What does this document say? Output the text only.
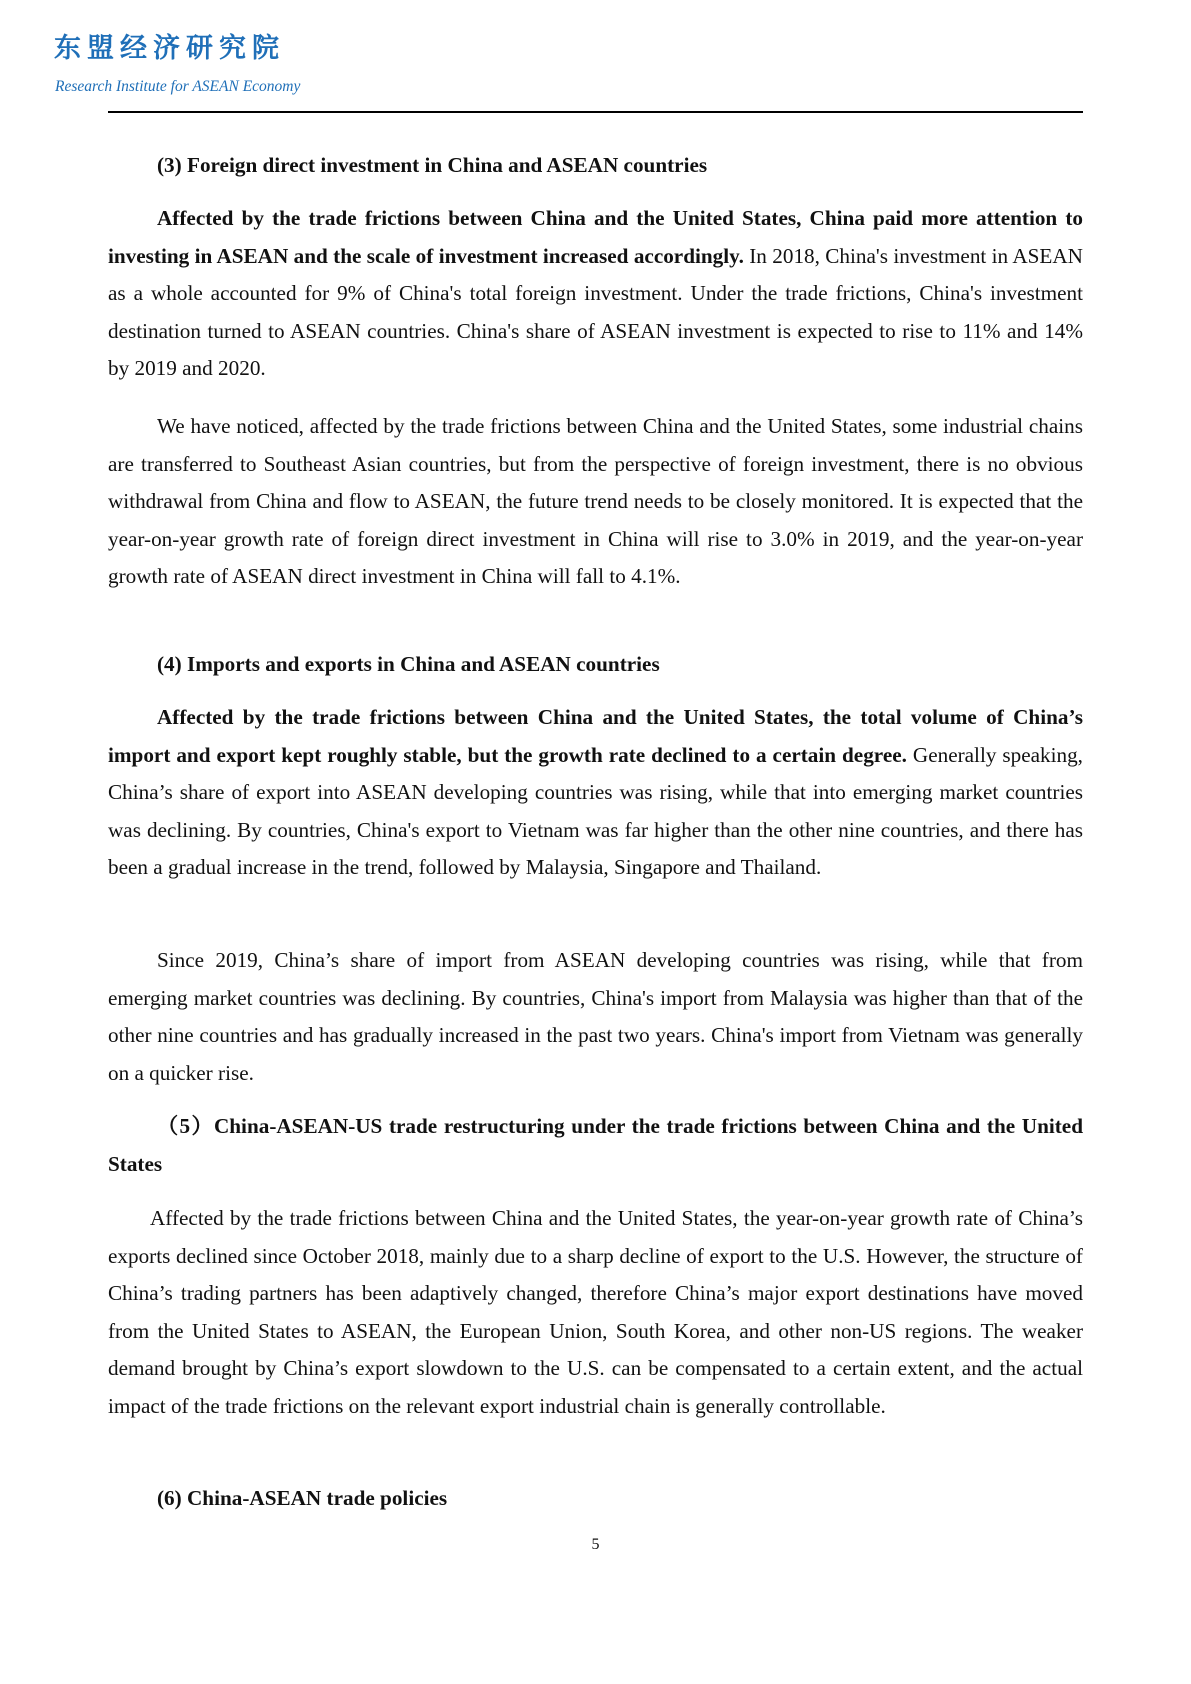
东盟经济研究院
Research Institute for ASEAN Economy
(3) Foreign direct investment in China and ASEAN countries
Affected by the trade frictions between China and the United States, China paid more attention to investing in ASEAN and the scale of investment increased accordingly. In 2018, China's investment in ASEAN as a whole accounted for 9% of China's total foreign investment. Under the trade frictions, China's investment destination turned to ASEAN countries. China's share of ASEAN investment is expected to rise to 11% and 14% by 2019 and 2020.
We have noticed, affected by the trade frictions between China and the United States, some industrial chains are transferred to Southeast Asian countries, but from the perspective of foreign investment, there is no obvious withdrawal from China and flow to ASEAN, the future trend needs to be closely monitored. It is expected that the year-on-year growth rate of foreign direct investment in China will rise to 3.0% in 2019, and the year-on-year growth rate of ASEAN direct investment in China will fall to 4.1%.
(4) Imports and exports in China and ASEAN countries
Affected by the trade frictions between China and the United States, the total volume of China’s import and export kept roughly stable, but the growth rate declined to a certain degree. Generally speaking, China’s share of export into ASEAN developing countries was rising, while that into emerging market countries was declining. By countries, China's export to Vietnam was far higher than the other nine countries, and there has been a gradual increase in the trend, followed by Malaysia, Singapore and Thailand.
Since 2019, China’s share of import from ASEAN developing countries was rising, while that from emerging market countries was declining. By countries, China's import from Malaysia was higher than that of the other nine countries and has gradually increased in the past two years. China's import from Vietnam was generally on a quicker rise.
（5）China-ASEAN-US trade restructuring under the trade frictions between China and the United States
Affected by the trade frictions between China and the United States, the year-on-year growth rate of China’s exports declined since October 2018, mainly due to a sharp decline of export to the U.S. However, the structure of China’s trading partners has been adaptively changed, therefore China’s major export destinations have moved from the United States to ASEAN, the European Union, South Korea, and other non-US regions. The weaker demand brought by China’s export slowdown to the U.S. can be compensated to a certain extent, and the actual impact of the trade frictions on the relevant export industrial chain is generally controllable.
(6) China-ASEAN trade policies
5
